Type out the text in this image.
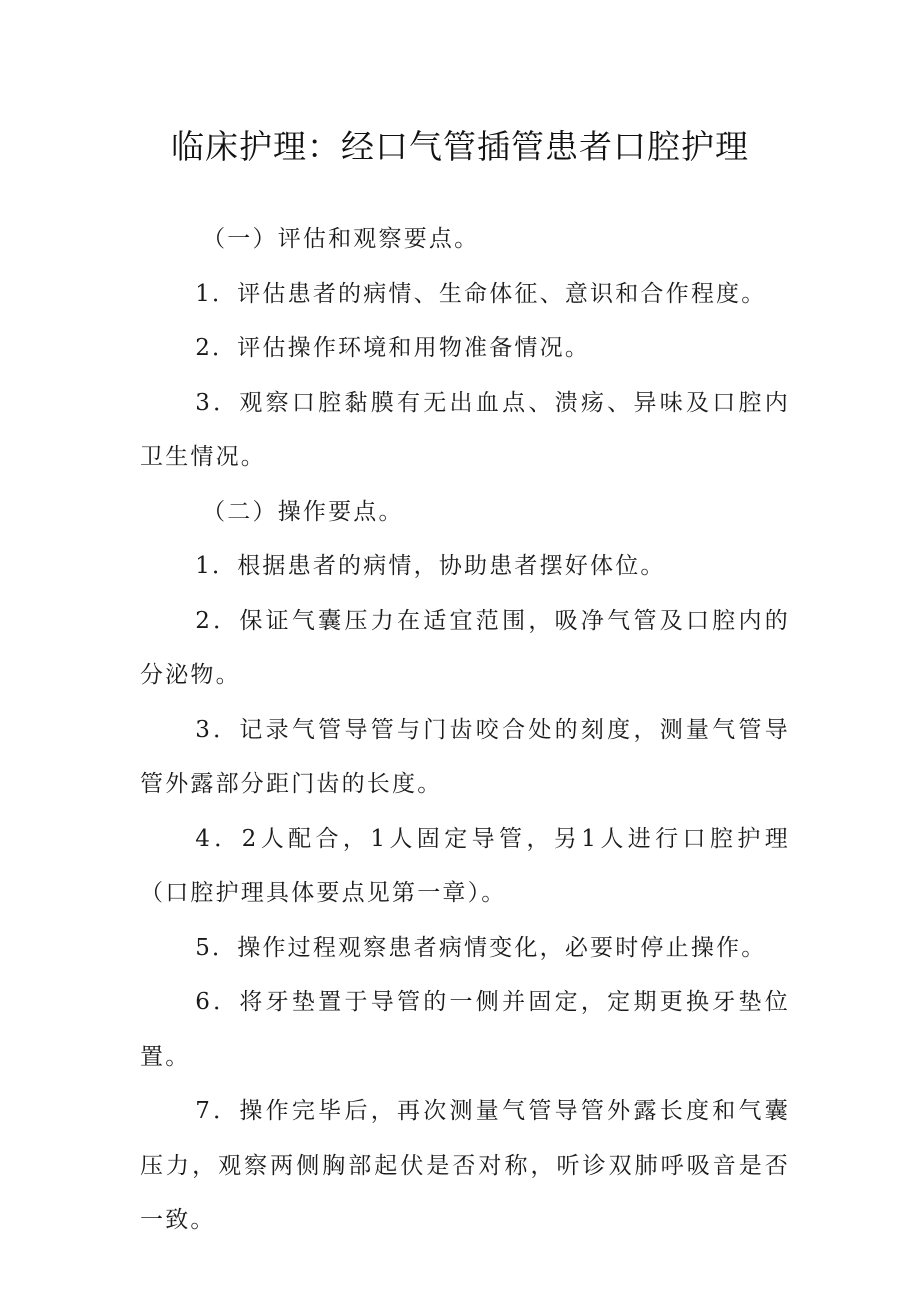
临床护理：经口气管插管患者口腔护理

（一）评估和观察要点。

1．评估患者的病情、生命体征、意识和合作程度。

2．评估操作环境和用物准备情况。

3．观察口腔黏膜有无出血点、溃疡、异味及口腔内卫生情况。

（二）操作要点。

1．根据患者的病情，协助患者摆好体位。

2．保证气囊压力在适宜范围，吸净气管及口腔内的分泌物。

3．记录气管导管与门齿咬合处的刻度，测量气管导管外露部分距门齿的长度。

4．2人配合，1人固定导管，另1人进行口腔护理（口腔护理具体要点见第一章）。

5．操作过程观察患者病情变化，必要时停止操作。

6．将牙垫置于导管的一侧并固定，定期更换牙垫位置。

7．操作完毕后，再次测量气管导管外露长度和气囊压力，观察两侧胸部起伏是否对称，听诊双肺呼吸音是否一致。
